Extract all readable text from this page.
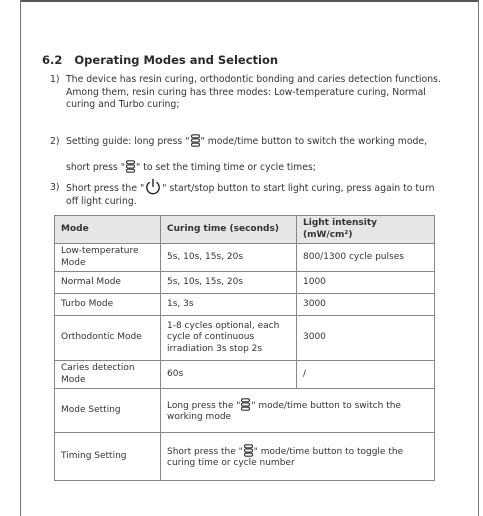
6.2 Operating Modes and Selection
1) The device has resin curing, orthodontic bonding and caries detection functions. Among them, resin curing has three modes: Low-temperature curing, Normal curing and Turbo curing;
2) Setting guide: long press " " mode/time button to switch the working mode,
short press " " to set the timing time or cycle times;
3) Short press the " " start/stop button to start light curing, press again to turn
off light curing.
Mode	Curing time (seconds)	Light intensity (mW/cm²)
Low-temperature Mode	5s, 10s, 15s, 20s	800/1300 cycle pulses
Normal Mode	5s, 10s, 15s, 20s	1000
Turbo Mode	1s, 3s	3000
Orthodontic Mode	1-8 cycles optional, each cycle of continuous irradiation 3s stop 2s	3000
Caries detection Mode	60s	/
Mode Setting	Long press the " " mode/time button to switch the working mode	
Timing Setting	Short press the " " mode/time button to toggle the curing time or cycle number	
